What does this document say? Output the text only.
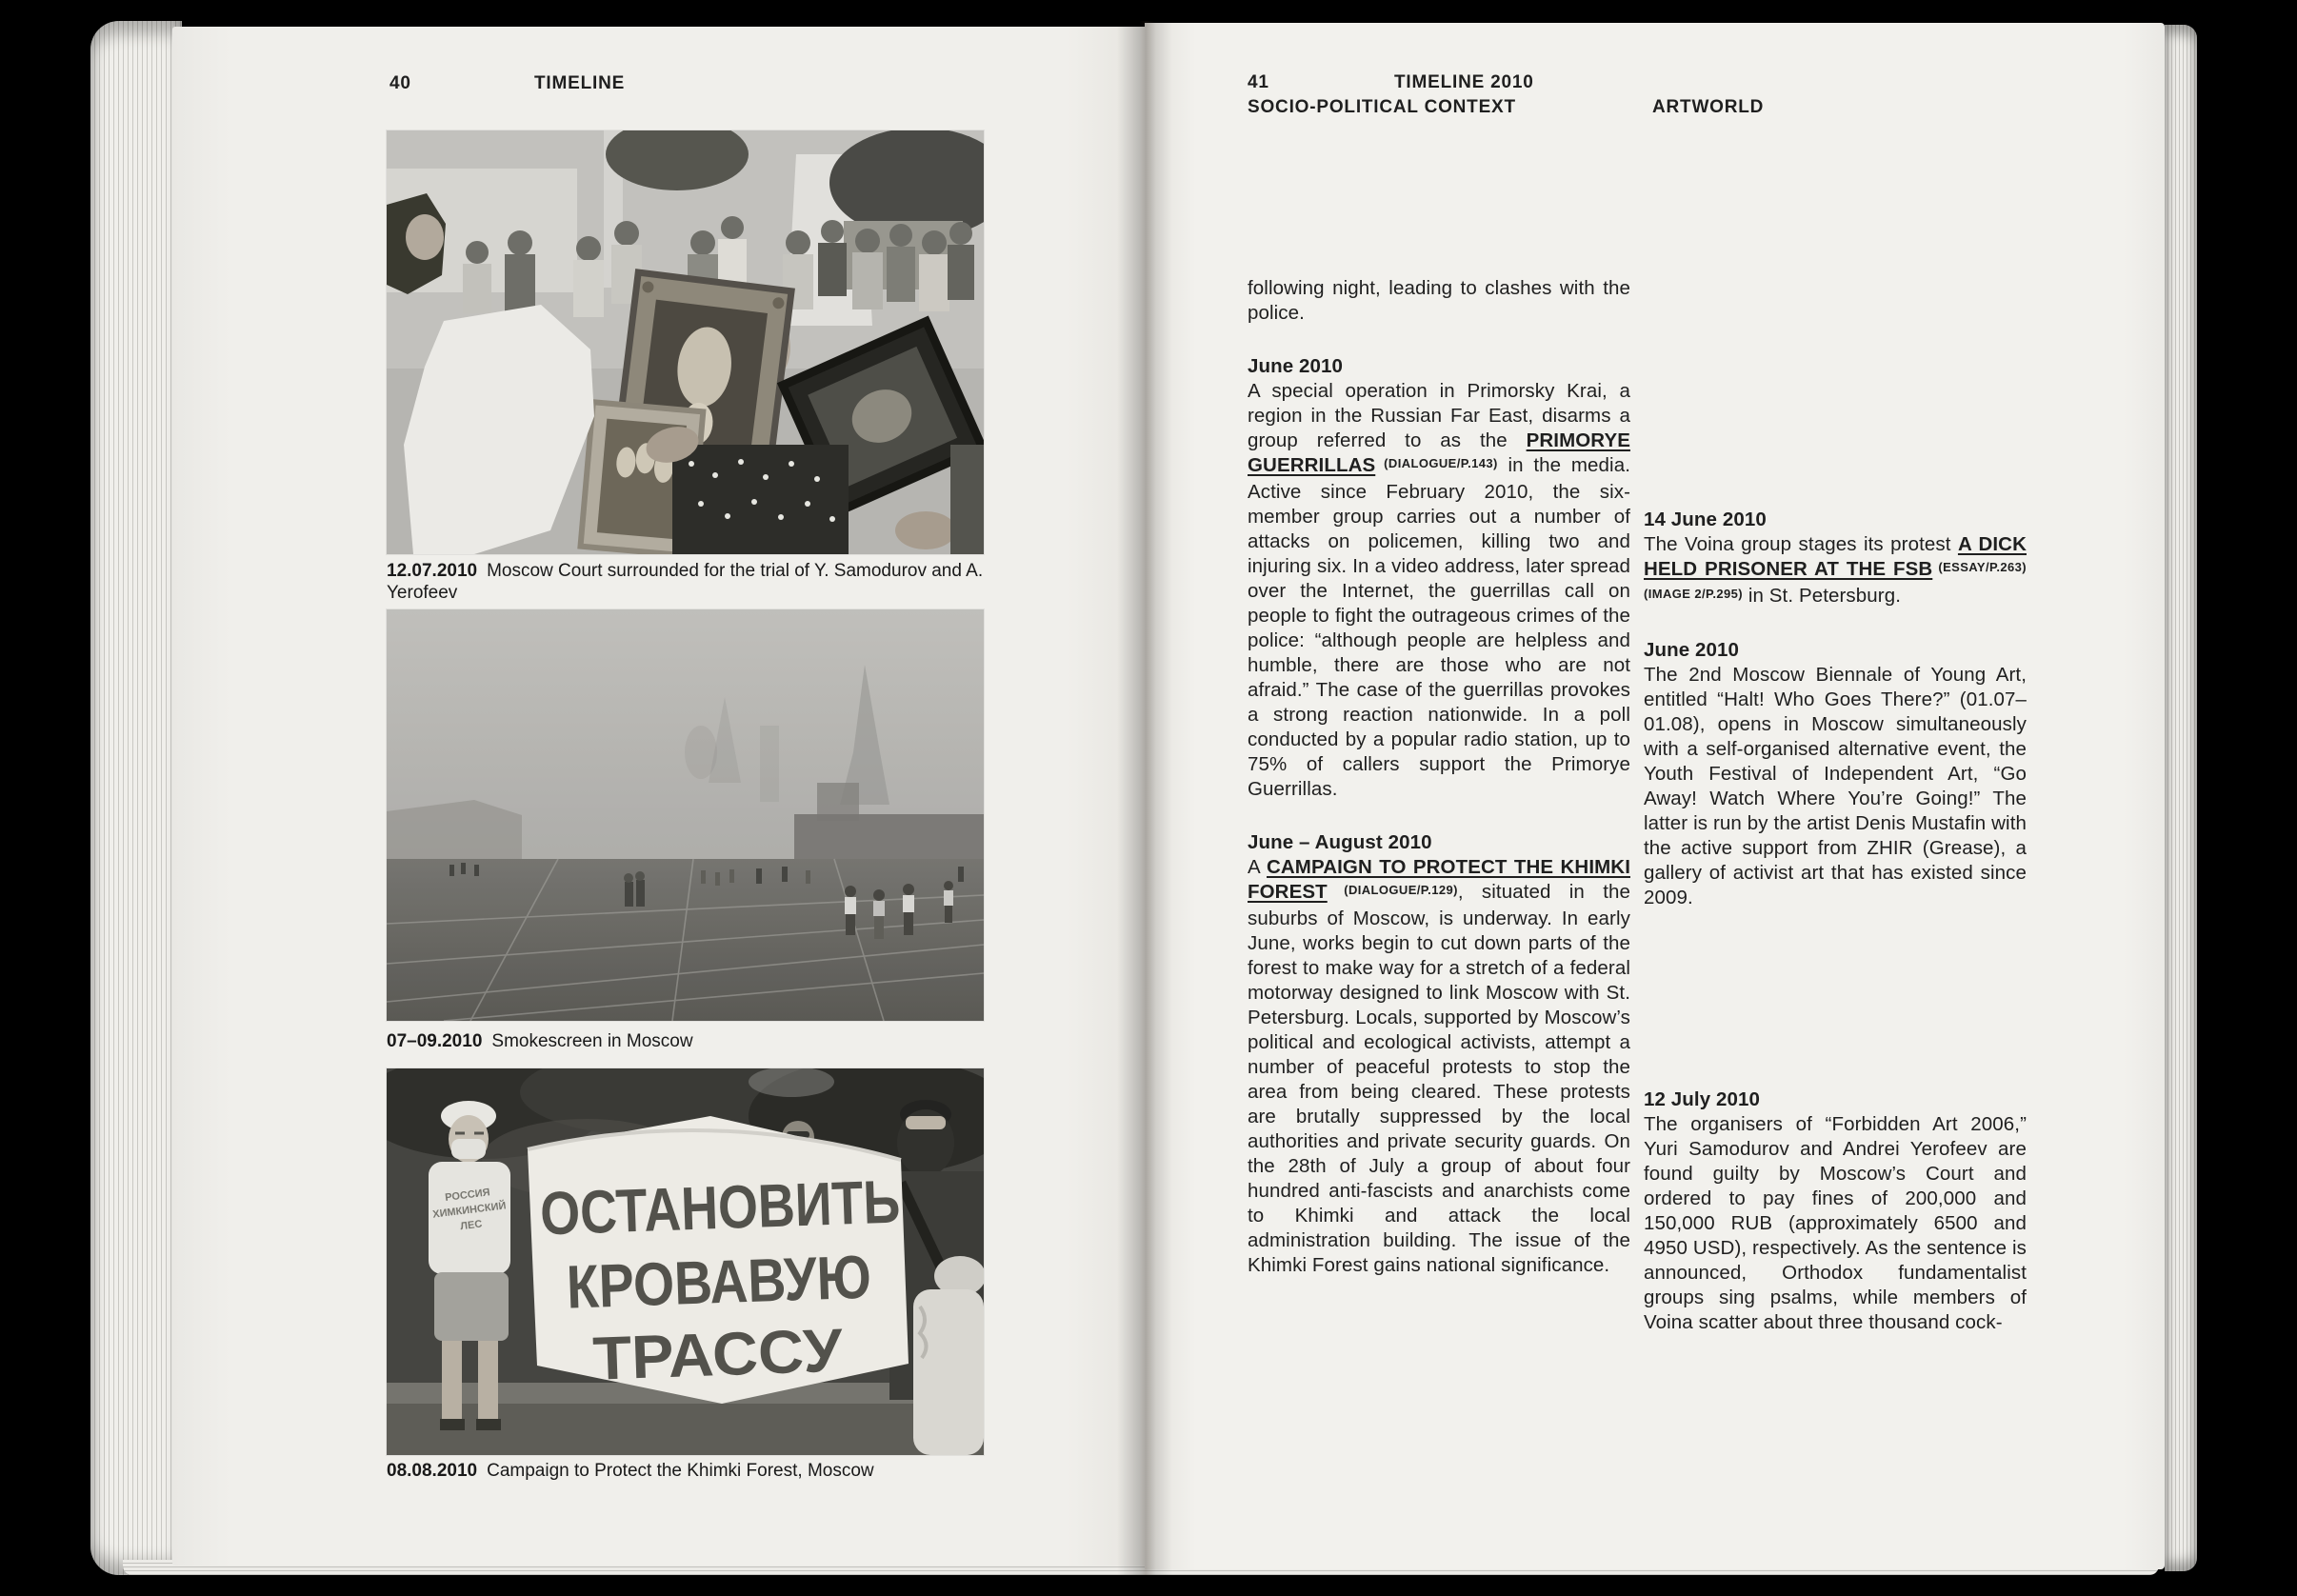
40	TIMELINE
12.07.2010 Moscow Court surrounded for the trial of Y. Samodurov and A. Yerofeev
07–09.2010 Smokescreen in Moscow
РОССИЯ
ХИМКИНСКИЙ
ЛЕС ОСТАНОВИТЬ
КРОВАВУЮ
ТРАССУ
08.08.2010 Campaign to Protect the Khimki Forest, Moscow
41	TIMELINE 2010
SOCIO-POLITICAL CONTEXT	ARTWORLD

following night, leading to clashes with the police.

June 2010

A special operation in Primorsky Krai, a region in the Russian Far East, disarms a group referred to as the PRIMORYE GUERRILLAS (DIALOGUE/P.143) in the media. Active since February 2010, the six-member group carries out a number of attacks on policemen, killing two and injuring six. In a video address, later spread over the Internet, the guerrillas call on people to fight the outrageous crimes of the police: “although people are helpless and humble, there are those who are not afraid.” The case of the guerrillas provokes a strong reaction nationwide. In a poll conducted by a popular radio station, up to 75% of callers support the Primorye Guerrillas.

June – August 2010

A CAMPAIGN TO PROTECT THE KHIMKI FOREST (DIALOGUE/P.129), situated in the suburbs of Moscow, is underway. In early June, works begin to cut down parts of the forest to make way for a stretch of a federal motorway designed to link Moscow with St. Petersburg. Locals, supported by Moscow’s political and ecological activists, attempt a number of peaceful protests to stop the area from being cleared. These protests are brutally suppressed by the local authorities and private security guards. On the 28th of July a group of about four hundred anti-fascists and anarchists come to Khimki and attack the local administration building. The issue of the Khimki Forest gains national significance.

14 June 2010

The Voina group stages its protest A DICK HELD PRISONER AT THE FSB (ESSAY/P.263) (IMAGE 2/P.295) in St. Petersburg.

June 2010

The 2nd Moscow Biennale of Young Art, entitled “Halt! Who Goes There?” (01.07–01.08), opens in Moscow simultaneously with a self-organised alternative event, the Youth Festival of Independent Art, “Go Away! Watch Where You’re Going!” The latter is run by the artist Denis Mustafin with the active support from ZHIR (Grease), a gallery of activist art that has existed since 2009.

12 July 2010

The organisers of “Forbidden Art 2006,” Yuri Samodurov and Andrei Yerofeev are found guilty by Moscow’s Court and ordered to pay fines of 200,000 and 150,000 RUB (approximately 6500 and 4950 USD), respectively. As the sentence is announced, Orthodox fundamentalist groups sing psalms, while members of Voina scatter about three thousand cock-
